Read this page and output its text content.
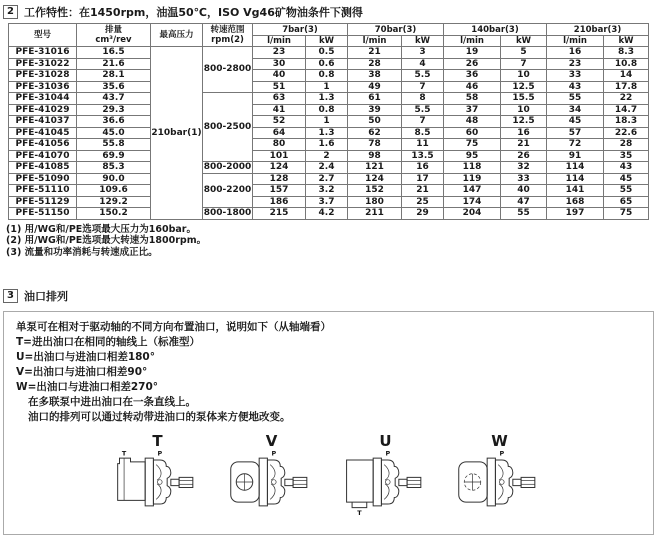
2 工作特性：在1450rpm，油温50℃，ISO Vg46矿物油条件下测得
型号	排量
cm³/rev	最高压力	转速范围
rpm(2)
	7bar(3)	70bar(3)	140bar(3)	210bar(3)
				l/min	kW	l/min	kW	l/min	kW	l/min	kW
PFE-31016	16.5	210bar(1)	800-2800	23	0.5	21	3	19	5	16	8.3
PFE-31022	21.6			30	0.6	28	4	26	7	23	10.8
PFE-31028	28.1			40	0.8	38	5.5	36	10	33	14
PFE-31036	35.6			51	1	49	7	46	12.5	43	17.8
PFE-31044	43.7		800-2500	63	1.3	61	8	58	15.5	55	22
PFE-41029	29.3			41	0.8	39	5.5	37	10	34	14.7
PFE-41037	36.6			52	1	50	7	48	12.5	45	18.3
PFE-41045	45.0			64	1.3	62	8.5	60	16	57	22.6
PFE-41056	55.8			80	1.6	78	11	75	21	72	28
PFE-41070	69.9			101	2	98	13.5	95	26	91	35
PFE-41085	85.3		800-2000	124	2.4	121	16	118	32	114	43
PFE-51090	90.0		800-2200	128	2.7	124	17	119	33	114	45
PFE-51110	109.6			157	3.2	152	21	147	40	141	55
PFE-51129	129.2			186	3.7	180	25	174	47	168	65
PFE-51150	150.2		800-1800	215	4.2	211	29	204	55	197	75
(1) 用/WG和/PE选项最大压力为160bar。
(2) 用/WG和/PE选项最大转速为1800rpm。
(3) 流量和功率消耗与转速成正比。
3 油口排列
单泵可在相对于驱动轴的不同方向布置油口，说明如下（从轴端看）
T=进出油口在相同的轴线上（标准型）
U=出油口与进油口相差180°
V=出油口与进油口相差90°
W=出油口与进油口相差270°
在多联泵中进出油口在一条直线上。
油口的排列可以通过转动带进油口的泵体来方便地改变。
T
T	P
V
P
U
P
T
W
P
